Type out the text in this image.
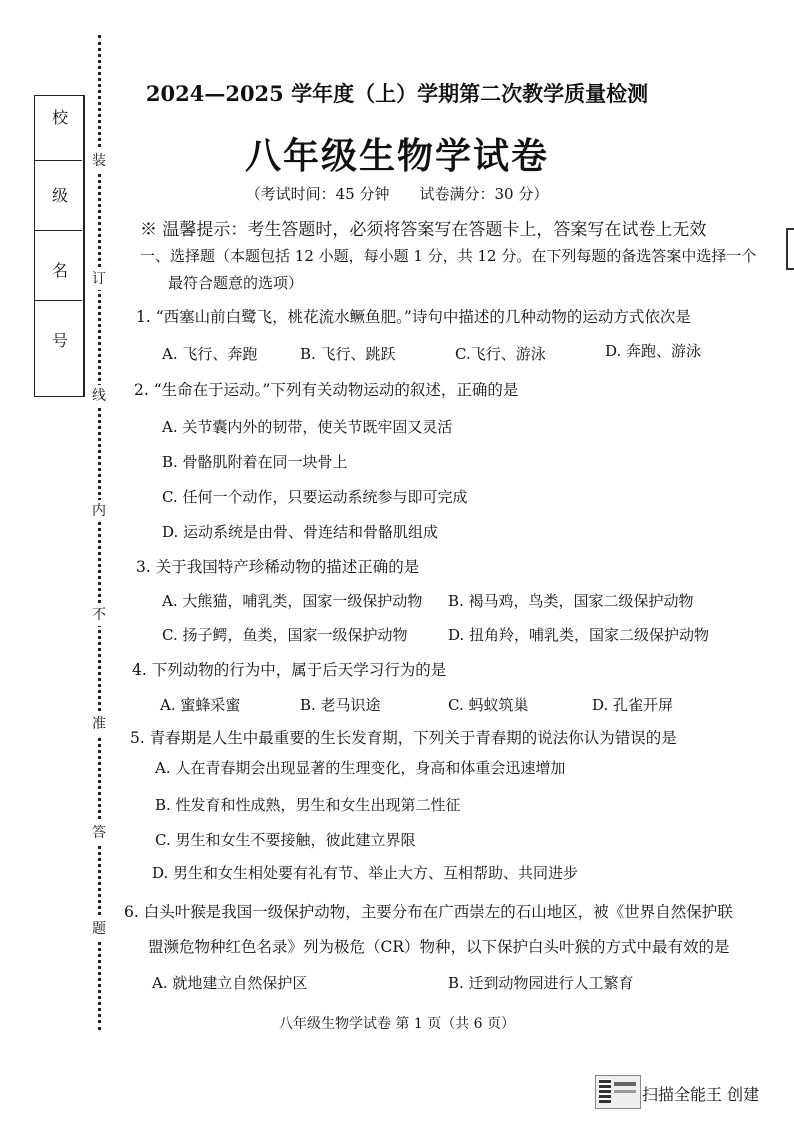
校
级
名
号
装
订
线
内
不
准
答
题
2024—2025 学年度（上）学期第二次教学质量检测
八年级生物学试卷
（考试时间：45 分钟　　试卷满分：30 分）
※ 温馨提示：考生答题时，必须将答案写在答题卡上，答案写在试卷上无效
一、选择题（本题包括 12 小题，每小题 1 分，共 12 分。在下列每题的备选答案中选择一个
最符合题意的选项）
1. “西塞山前白鹭飞，桃花流水鳜鱼肥。”诗句中描述的几种动物的运动方式依次是
A. 飞行、奔跑	B. 飞行、跳跃	C.飞行、游泳	D. 奔跑、游泳
2. “生命在于运动。”下列有关动物运动的叙述，正确的是
A. 关节囊内外的韧带，使关节既牢固又灵活
B. 骨骼肌附着在同一块骨上
C. 任何一个动作，只要运动系统参与即可完成
D. 运动系统是由骨、骨连结和骨骼肌组成
3. 关于我国特产珍稀动物的描述正确的是
A. 大熊猫，哺乳类，国家一级保护动物 B. 褐马鸡，鸟类，国家二级保护动物
C. 扬子鳄，鱼类，国家一级保护动物	D. 扭角羚，哺乳类，国家二级保护动物
4. 下列动物的行为中，属于后天学习行为的是
A. 蜜蜂采蜜	B. 老马识途	C. 蚂蚁筑巢	D. 孔雀开屏
5. 青春期是人生中最重要的生长发育期，下列关于青春期的说法你认为错误的是
A. 人在青春期会出现显著的生理变化，身高和体重会迅速增加
B. 性发育和性成熟，男生和女生出现第二性征
C. 男生和女生不要接触，彼此建立界限
D. 男生和女生相处要有礼有节、举止大方、互相帮助、共同进步
6. 白头叶猴是我国一级保护动物，主要分布在广西崇左的石山地区，被《世界自然保护联
盟濒危物种红色名录》列为极危（CR）物种，以下保护白头叶猴的方式中最有效的是
A. 就地建立自然保护区	B. 迁到动物园进行人工繁育
八年级生物学试卷 第 1 页（共 6 页）
扫描全能王 创建
